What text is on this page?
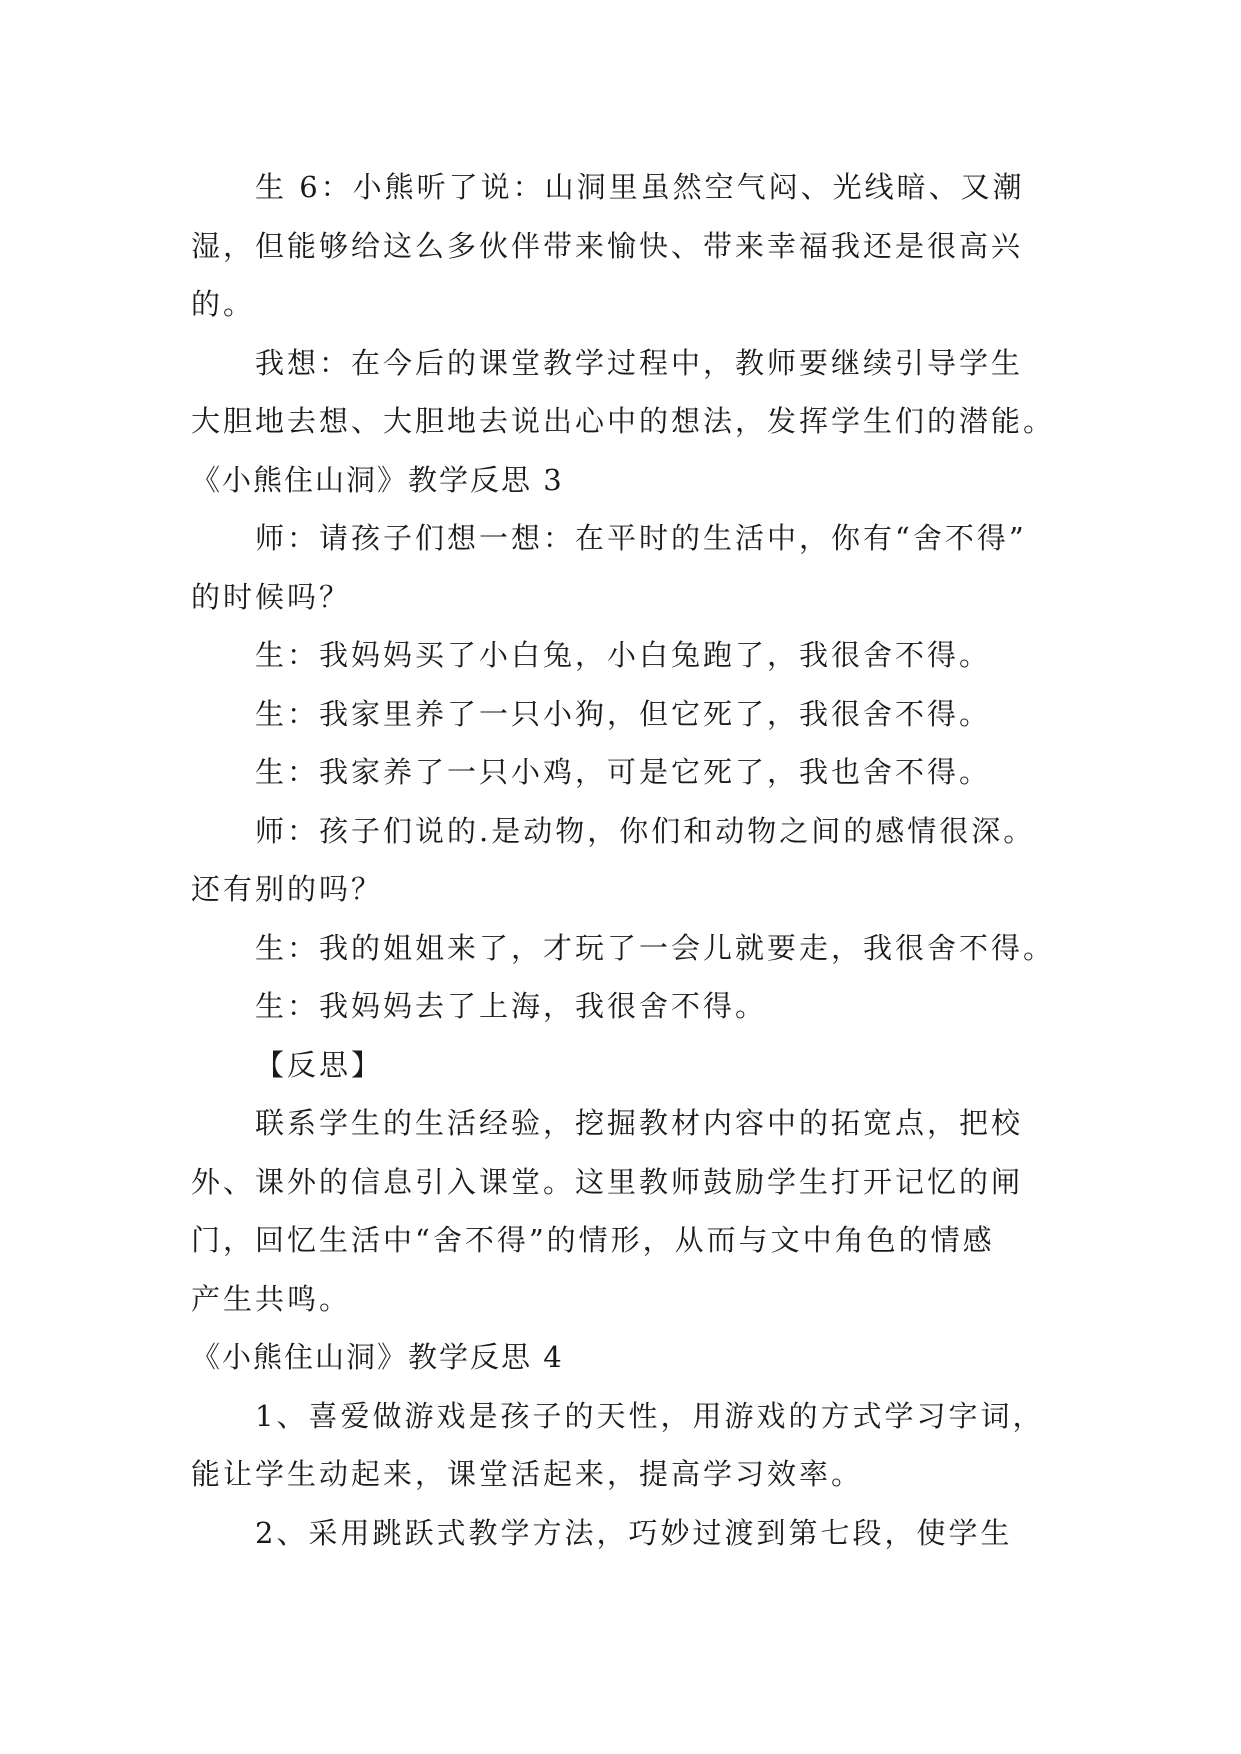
生 6：小熊听了说：山洞里虽然空气闷、光线暗、又潮

湿，但能够给这么多伙伴带来愉快、带来幸福我还是很高兴

的。

我想：在今后的课堂教学过程中，教师要继续引导学生

大胆地去想、大胆地去说出心中的想法，发挥学生们的潜能。

《小熊住山洞》教学反思 3

师：请孩子们想一想：在平时的生活中，你有“舍不得”

的时候吗？

生：我妈妈买了小白兔，小白兔跑了，我很舍不得。

生：我家里养了一只小狗，但它死了，我很舍不得。

生：我家养了一只小鸡，可是它死了，我也舍不得。

师：孩子们说的.是动物，你们和动物之间的感情很深。

还有别的吗？

生：我的姐姐来了，才玩了一会儿就要走，我很舍不得。

生：我妈妈去了上海，我很舍不得。

【反思】

联系学生的生活经验，挖掘教材内容中的拓宽点，把校

外、课外的信息引入课堂。这里教师鼓励学生打开记忆的闸

门，回忆生活中“舍不得”的情形，从而与文中角色的情感

产生共鸣。

《小熊住山洞》教学反思 4

1、喜爱做游戏是孩子的天性，用游戏的方式学习字词，

能让学生动起来，课堂活起来，提高学习效率。

2、采用跳跃式教学方法，巧妙过渡到第七段，使学生
